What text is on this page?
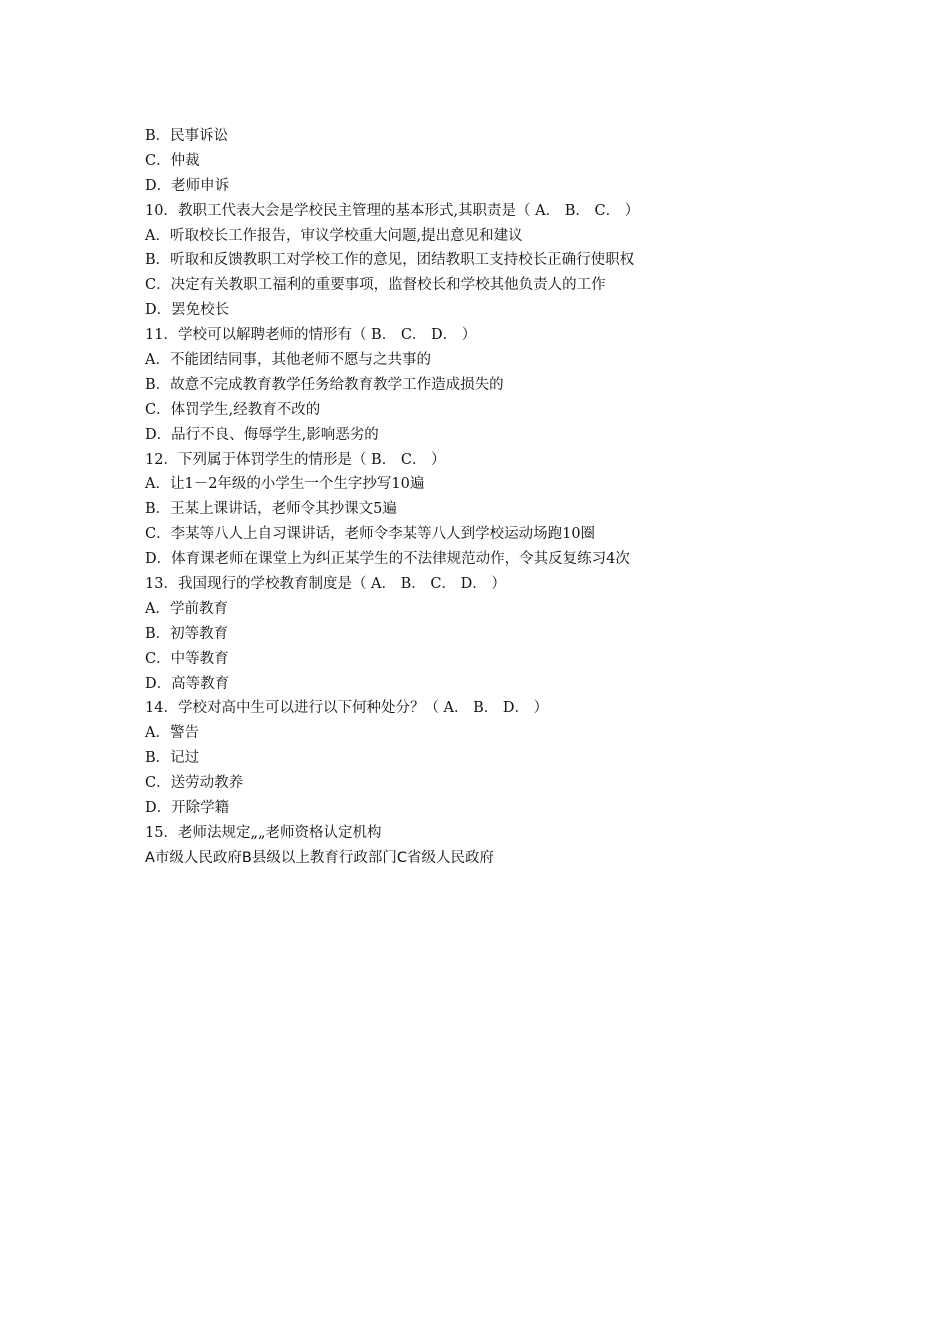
B．民事诉讼
C．仲裁
D．老师申诉
10．教职工代表大会是学校民主管理的基本形式,其职责是（ A． B． C． ）
A．听取校长工作报告，审议学校重大问题,提出意见和建议
B．听取和反馈教职工对学校工作的意见，团结教职工支持校长正确行使职权
C．决定有关教职工福利的重要事项，监督校长和学校其他负责人的工作
D．罢免校长
11．学校可以解聘老师的情形有（ B． C． D． ）
A．不能团结同事，其他老师不愿与之共事的
B．故意不完成教育教学任务给教育教学工作造成损失的
C．体罚学生,经教育不改的
D．品行不良、侮辱学生,影响恶劣的
12．下列属于体罚学生的情形是（ B． C． ）
A．让1－2年级的小学生一个生字抄写10遍
B．王某上课讲话，老师令其抄课文5遍
C．李某等八人上自习课讲话，老师令李某等八人到学校运动场跑10圈
D．体育课老师在课堂上为纠正某学生的不法律规范动作，令其反复练习4次
13．我国现行的学校教育制度是（ A． B． C． D． ）
A．学前教育
B．初等教育
C．中等教育
D．高等教育
14．学校对高中生可以进行以下何种处分？（ A． B． D． ）
A．警告
B．记过
C．送劳动教养
D．开除学籍
15．老师法规定„„老师资格认定机构
A市级人民政府B县级以上教育行政部门C省级人民政府
